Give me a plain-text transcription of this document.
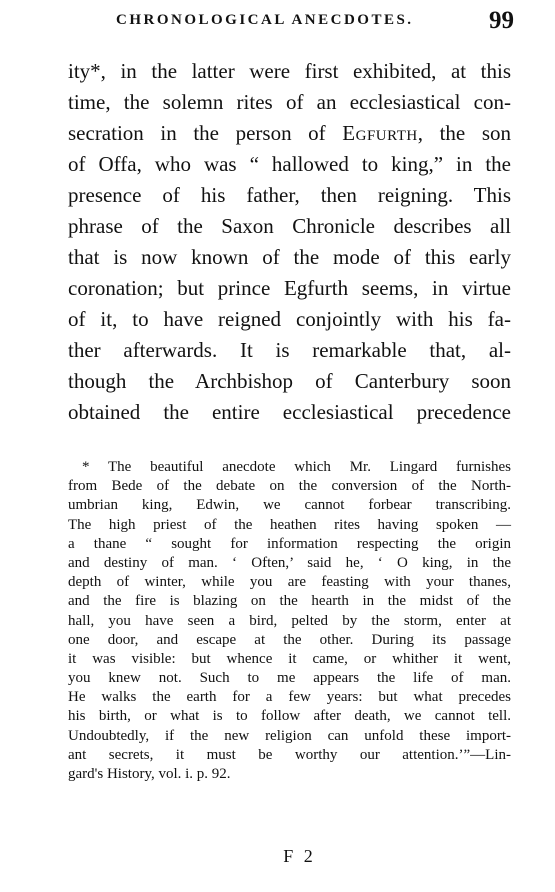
CHRONOLOGICAL ANECDOTES.	99
ity*, in the latter were first exhibited, at this
time, the solemn rites of an ecclesiastical con-
secration in the person of Egfurth, the son
of Offa, who was “ hallowed to king,” in the
presence of his father, then reigning. This
phrase of the Saxon Chronicle describes all
that is now known of the mode of this early
coronation; but prince Egfurth seems, in virtue
of it, to have reigned conjointly with his fa-
ther afterwards. It is remarkable that, al-
though the Archbishop of Canterbury soon
obtained the entire ecclesiastical precedence
* The beautiful anecdote which Mr. Lingard furnishes
from Bede of the debate on the conversion of the North-
umbrian king, Edwin, we cannot forbear transcribing.
The high priest of the heathen rites having spoken —
a thane “ sought for information respecting the origin
and destiny of man. ‘ Often,’ said he, ‘ O king, in the
depth of winter, while you are feasting with your thanes,
and the fire is blazing on the hearth in the midst of the
hall, you have seen a bird, pelted by the storm, enter at
one door, and escape at the other. During its passage
it was visible: but whence it came, or whither it went,
you knew not. Such to me appears the life of man.
He walks the earth for a few years: but what precedes
his birth, or what is to follow after death, we cannot tell.
Undoubtedly, if the new religion can unfold these import-
ant secrets, it must be worthy our attention.’”—Lin-
gard's History, vol. i. p. 92.
F 2
